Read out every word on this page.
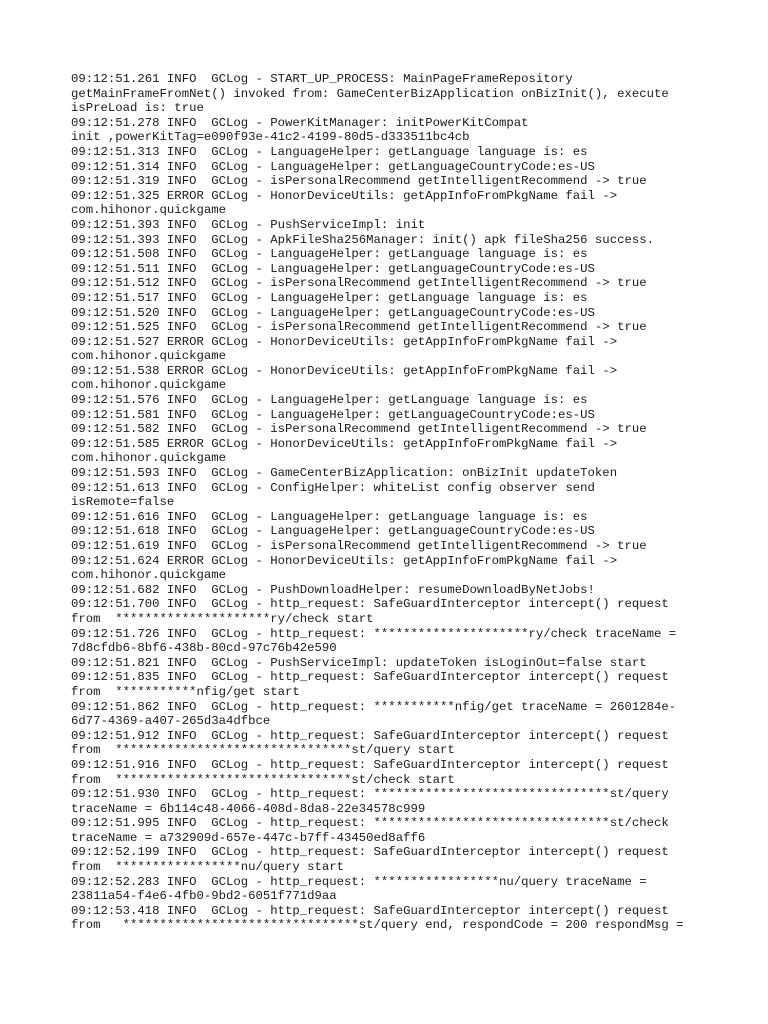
09:12:51.261 INFO  GCLog - START_UP_PROCESS: MainPageFrameRepository
getMainFrameFromNet() invoked from: GameCenterBizApplication onBizInit(), execute
isPreLoad is: true
09:12:51.278 INFO  GCLog - PowerKitManager: initPowerKitCompat
init ,powerKitTag=e090f93e-41c2-4199-80d5-d333511bc4cb
09:12:51.313 INFO  GCLog - LanguageHelper: getLanguage language is: es
09:12:51.314 INFO  GCLog - LanguageHelper: getLanguageCountryCode:es-US
09:12:51.319 INFO  GCLog - isPersonalRecommend getIntelligentRecommend -> true
09:12:51.325 ERROR GCLog - HonorDeviceUtils: getAppInfoFromPkgName fail ->
com.hihonor.quickgame
09:12:51.393 INFO  GCLog - PushServiceImpl: init
09:12:51.393 INFO  GCLog - ApkFileSha256Manager: init() apk fileSha256 success.
09:12:51.508 INFO  GCLog - LanguageHelper: getLanguage language is: es
09:12:51.511 INFO  GCLog - LanguageHelper: getLanguageCountryCode:es-US
09:12:51.512 INFO  GCLog - isPersonalRecommend getIntelligentRecommend -> true
09:12:51.517 INFO  GCLog - LanguageHelper: getLanguage language is: es
09:12:51.520 INFO  GCLog - LanguageHelper: getLanguageCountryCode:es-US
09:12:51.525 INFO  GCLog - isPersonalRecommend getIntelligentRecommend -> true
09:12:51.527 ERROR GCLog - HonorDeviceUtils: getAppInfoFromPkgName fail ->
com.hihonor.quickgame
09:12:51.538 ERROR GCLog - HonorDeviceUtils: getAppInfoFromPkgName fail ->
com.hihonor.quickgame
09:12:51.576 INFO  GCLog - LanguageHelper: getLanguage language is: es
09:12:51.581 INFO  GCLog - LanguageHelper: getLanguageCountryCode:es-US
09:12:51.582 INFO  GCLog - isPersonalRecommend getIntelligentRecommend -> true
09:12:51.585 ERROR GCLog - HonorDeviceUtils: getAppInfoFromPkgName fail ->
com.hihonor.quickgame
09:12:51.593 INFO  GCLog - GameCenterBizApplication: onBizInit updateToken
09:12:51.613 INFO  GCLog - ConfigHelper: whiteList config observer send
isRemote=false
09:12:51.616 INFO  GCLog - LanguageHelper: getLanguage language is: es
09:12:51.618 INFO  GCLog - LanguageHelper: getLanguageCountryCode:es-US
09:12:51.619 INFO  GCLog - isPersonalRecommend getIntelligentRecommend -> true
09:12:51.624 ERROR GCLog - HonorDeviceUtils: getAppInfoFromPkgName fail ->
com.hihonor.quickgame
09:12:51.682 INFO  GCLog - PushDownloadHelper: resumeDownloadByNetJobs!
09:12:51.700 INFO  GCLog - http_request: SafeGuardInterceptor intercept() request
from  *********************ry/check start
09:12:51.726 INFO  GCLog - http_request: *********************ry/check traceName =
7d8cfdb6-8bf6-438b-80cd-97c76b42e590
09:12:51.821 INFO  GCLog - PushServiceImpl: updateToken isLoginOut=false start
09:12:51.835 INFO  GCLog - http_request: SafeGuardInterceptor intercept() request
from  ***********nfig/get start
09:12:51.862 INFO  GCLog - http_request: ***********nfig/get traceName = 2601284e-
6d77-4369-a407-265d3a4dfbce
09:12:51.912 INFO  GCLog - http_request: SafeGuardInterceptor intercept() request
from  ********************************st/query start
09:12:51.916 INFO  GCLog - http_request: SafeGuardInterceptor intercept() request
from  ********************************st/check start
09:12:51.930 INFO  GCLog - http_request: ********************************st/query
traceName = 6b114c48-4066-408d-8da8-22e34578c999
09:12:51.995 INFO  GCLog - http_request: ********************************st/check
traceName = a732909d-657e-447c-b7ff-43450ed8aff6
09:12:52.199 INFO  GCLog - http_request: SafeGuardInterceptor intercept() request
from  *****************nu/query start
09:12:52.283 INFO  GCLog - http_request: *****************nu/query traceName =
23811a54-f4e6-4fb0-9bd2-6051f771d9aa
09:12:53.418 INFO  GCLog - http_request: SafeGuardInterceptor intercept() request
from   ********************************st/query end, respondCode = 200 respondMsg =
